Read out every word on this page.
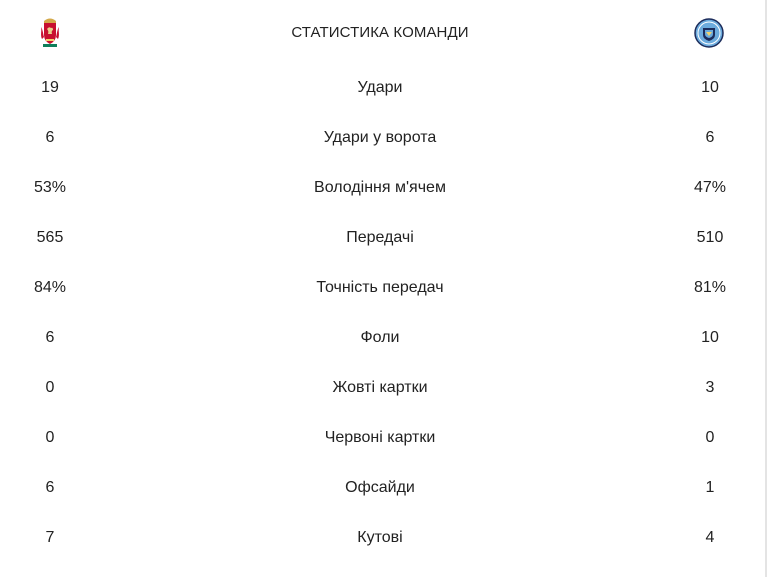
СТАТИСТИКА КОМАНДИ
19	Удари	10
6	Удари у ворота	6
53%	Володіння м'ячем	47%
565	Передачі	510
84%	Точність передач	81%
6	Фоли	10
0	Жовті картки	3
0	Червоні картки	0
6	Офсайди	1
7	Кутові	4
